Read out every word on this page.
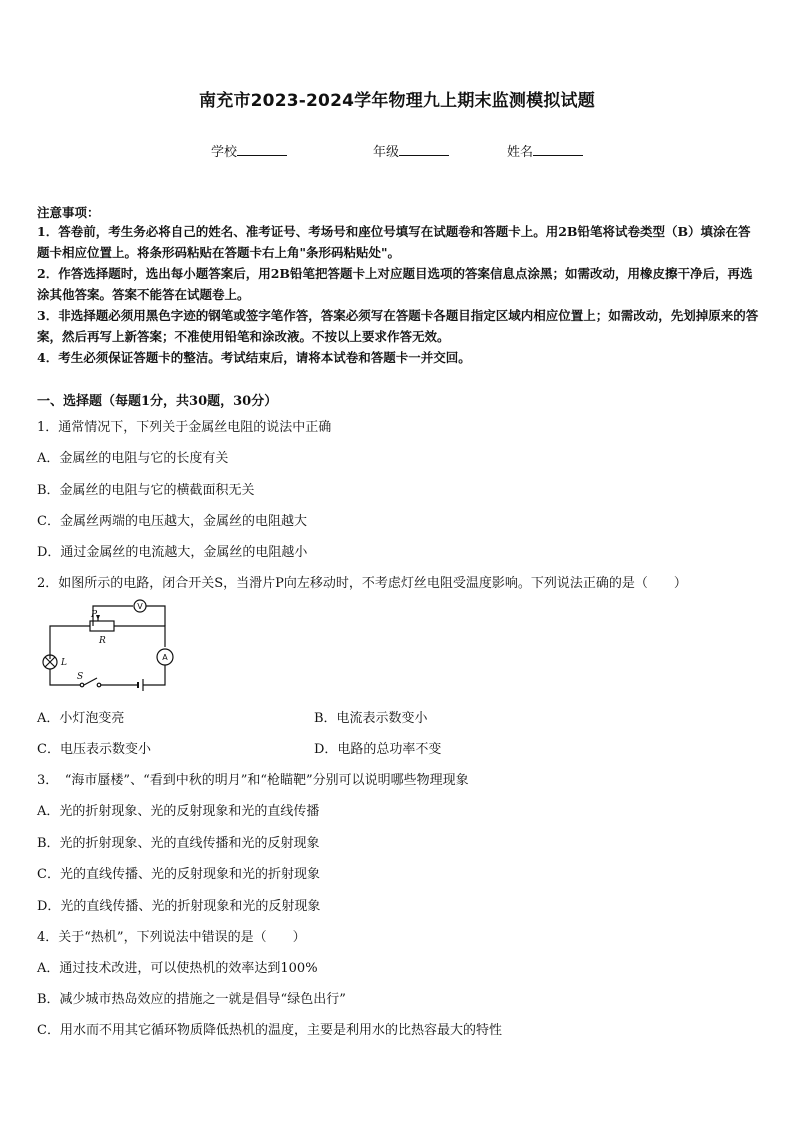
南充市2023-2024学年物理九上期末监测模拟试题
学校	年级	姓名
注意事项：
1．答卷前，考生务必将自己的姓名、准考证号、考场号和座位号填写在试题卷和答题卡上。用2B铅笔将试卷类型（B）填涂在答题卡相应位置上。将条形码粘贴在答题卡右上角"条形码粘贴处"。
2．作答选择题时，选出每小题答案后，用2B铅笔把答题卡上对应题目选项的答案信息点涂黑；如需改动，用橡皮擦干净后，再选涂其他答案。答案不能答在试题卷上。
3．非选择题必须用黑色字迹的钢笔或签字笔作答，答案必须写在答题卡各题目指定区域内相应位置上；如需改动，先划掉原来的答案，然后再写上新答案；不准使用铅笔和涂改液。不按以上要求作答无效。
4．考生必须保证答题卡的整洁。考试结束后，请将本试卷和答题卡一并交回。
一、选择题（每题1分，共30题，30分）
1．通常情况下，下列关于金属丝电阻的说法中正确
A．金属丝的电阻与它的长度有关
B．金属丝的电阻与它的横截面积无关
C．金属丝两端的电压越大，金属丝的电阻越大
D．通过金属丝的电流越大，金属丝的电阻越小
2．如图所示的电路，闭合开关S，当滑片P向左移动时，不考虑灯丝电阻受温度影响。下列说法正确的是（　　）
P
R
L
S
V
A
A．小灯泡变亮	B．电流表示数变小
C．电压表示数变小	D．电路的总功率不变
3．　“海市蜃楼”、“看到中秋的明月”和“枪瞄靶”分别可以说明哪些物理现象
A．光的折射现象、光的反射现象和光的直线传播
B．光的折射现象、光的直线传播和光的反射现象
C．光的直线传播、光的反射现象和光的折射现象
D．光的直线传播、光的折射现象和光的反射现象
4．关于“热机”，下列说法中错误的是（　　）
A．通过技术改进，可以使热机的效率达到100%
B．减少城市热岛效应的措施之一就是倡导“绿色出行”
C．用水而不用其它循环物质降低热机的温度，主要是利用水的比热容最大的特性
